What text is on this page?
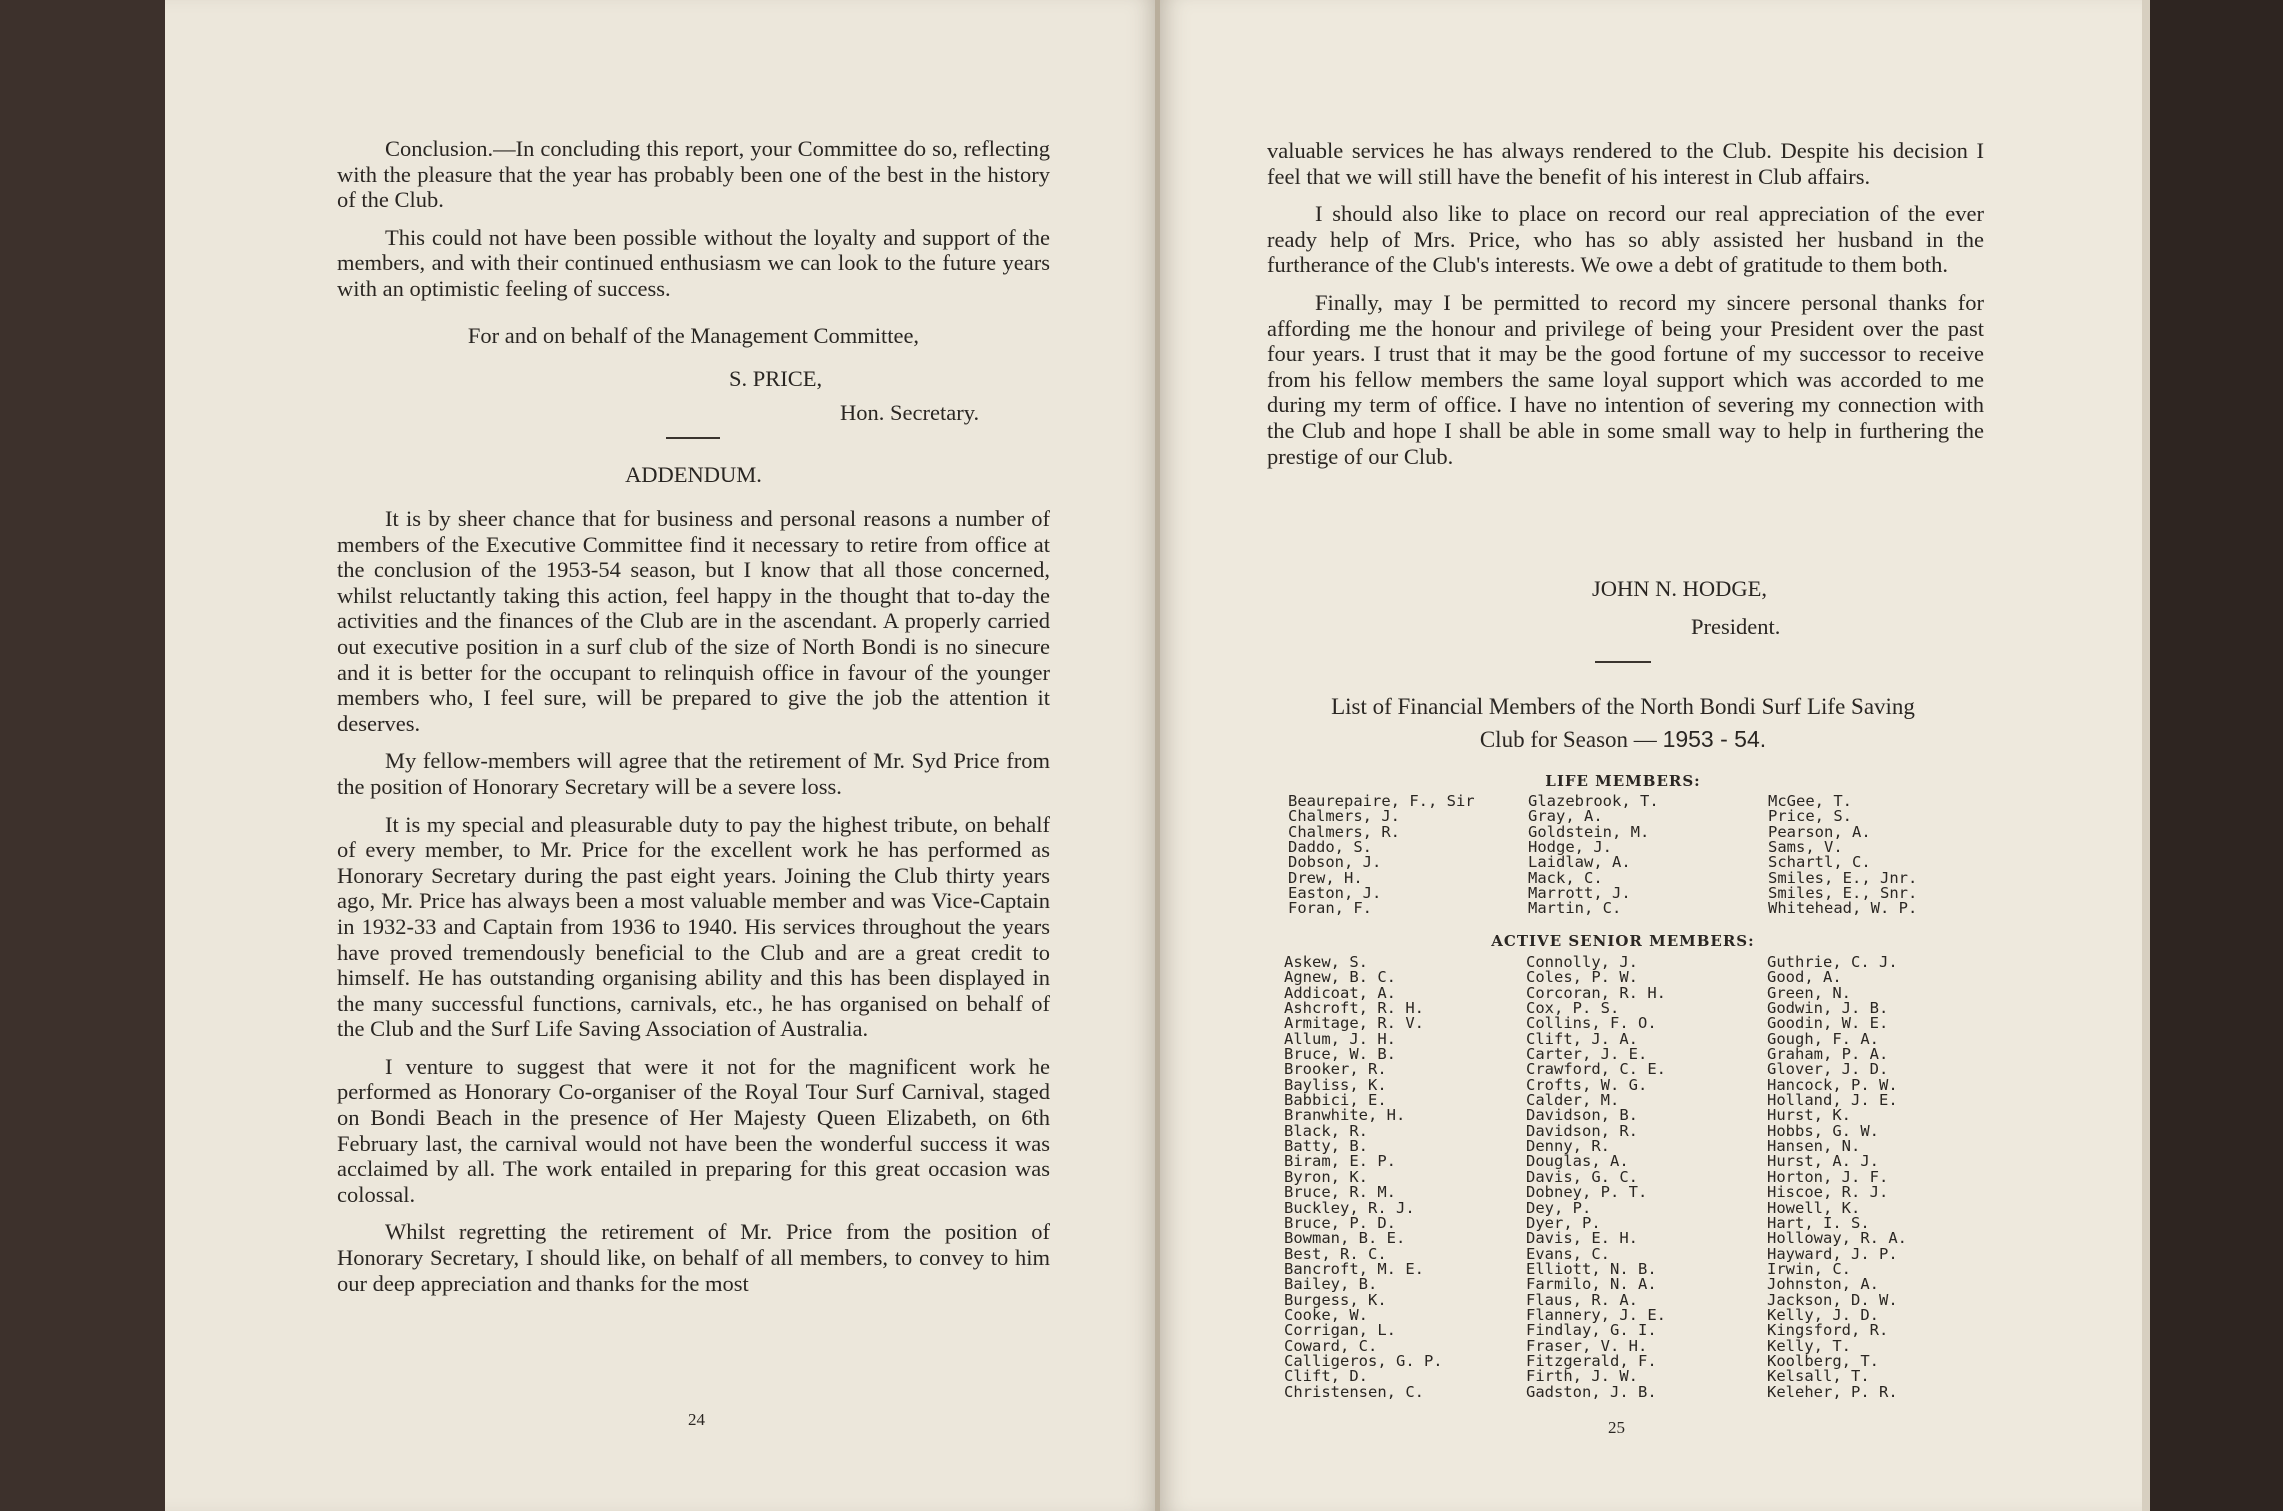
Conclusion.—In concluding this report, your Committee do so, reflecting with the pleasure that the year has probably been one of the best in the history of the Club.

This could not have been possible without the loyalty and support of the members, and with their continued enthusiasm we can look to the future years with an optimistic feeling of success.

For and on behalf of the Management Committee,
S. PRICE,
Hon. Secretary.
ADDENDUM.

It is by sheer chance that for business and personal reasons a number of members of the Executive Committee find it necessary to retire from office at the conclusion of the 1953-54 season, but I know that all those concerned, whilst reluctantly taking this action, feel happy in the thought that to-day the activities and the finances of the Club are in the ascendant. A properly carried out executive position in a surf club of the size of North Bondi is no sinecure and it is better for the occupant to relinquish office in favour of the younger members who, I feel sure, will be prepared to give the job the attention it deserves.

My fellow-members will agree that the retirement of Mr. Syd Price from the position of Honorary Secretary will be a severe loss.

It is my special and pleasurable duty to pay the highest tribute, on behalf of every member, to Mr. Price for the excellent work he has performed as Honorary Secretary during the past eight years. Joining the Club thirty years ago, Mr. Price has always been a most valuable member and was Vice-Captain in 1932-33 and Captain from 1936 to 1940. His services throughout the years have proved tremendously beneficial to the Club and are a great credit to himself. He has outstanding organising ability and this has been displayed in the many successful functions, carnivals, etc., he has organised on behalf of the Club and the Surf Life Saving Association of Australia.

I venture to suggest that were it not for the magnificent work he performed as Honorary Co-organiser of the Royal Tour Surf Carnival, staged on Bondi Beach in the presence of Her Majesty Queen Elizabeth, on 6th February last, the carnival would not have been the wonderful success it was acclaimed by all. The work entailed in preparing for this great occasion was colossal.

Whilst regretting the retirement of Mr. Price from the position of Honorary Secretary, I should like, on behalf of all members, to convey to him our deep appreciation and thanks for the most

24

valuable services he has always rendered to the Club. Despite his decision I feel that we will still have the benefit of his interest in Club affairs.

I should also like to place on record our real appreciation of the ever ready help of Mrs. Price, who has so ably assisted her husband in the furtherance of the Club's interests. We owe a debt of gratitude to them both.

Finally, may I be permitted to record my sincere personal thanks for affording me the honour and privilege of being your President over the past four years. I trust that it may be the good fortune of my successor to receive from his fellow members the same loyal support which was accorded to me during my term of office. I have no intention of severing my connection with the Club and hope I shall be able in some small way to help in furthering the prestige of our Club.

JOHN N. HODGE,
President.
List of Financial Members of the North Bondi Surf Life Saving
Club for Season — 1953 - 54.
LIFE MEMBERS:
Beaurepaire, F., Sir
Chalmers, J.
Chalmers, R.
Daddo, S.
Dobson, J.
Drew, H.
Easton, J.
Foran, F.
Glazebrook, T.
Gray, A.
Goldstein, M.
Hodge, J.
Laidlaw, A.
Mack, C.
Marrott, J.
Martin, C.
McGee, T.
Price, S.
Pearson, A.
Sams, V.
Schartl, C.
Smiles, E., Jnr.
Smiles, E., Snr.
Whitehead, W. P.
ACTIVE SENIOR MEMBERS:
Askew, S.
Agnew, B. C.
Addicoat, A.
Ashcroft, R. H.
Armitage, R. V.
Allum, J. H.
Bruce, W. B.
Brooker, R.
Bayliss, K.
Babbici, E.
Branwhite, H.
Black, R.
Batty, B.
Biram, E. P.
Byron, K.
Bruce, R. M.
Buckley, R. J.
Bruce, P. D.
Bowman, B. E.
Best, R. C.
Bancroft, M. E.
Bailey, B.
Burgess, K.
Cooke, W.
Corrigan, L.
Coward, C.
Calligeros, G. P.
Clift, D.
Christensen, C.
Connolly, J.
Coles, P. W.
Corcoran, R. H.
Cox, P. S.
Collins, F. O.
Clift, J. A.
Carter, J. E.
Crawford, C. E.
Crofts, W. G.
Calder, M.
Davidson, B.
Davidson, R.
Denny, R.
Douglas, A.
Davis, G. C.
Dobney, P. T.
Dey, P.
Dyer, P.
Davis, E. H.
Evans, C.
Elliott, N. B.
Farmilo, N. A.
Flaus, R. A.
Flannery, J. E.
Findlay, G. I.
Fraser, V. H.
Fitzgerald, F.
Firth, J. W.
Gadston, J. B.
Guthrie, C. J.
Good, A.
Green, N.
Godwin, J. B.
Goodin, W. E.
Gough, F. A.
Graham, P. A.
Glover, J. D.
Hancock, P. W.
Holland, J. E.
Hurst, K.
Hobbs, G. W.
Hansen, N.
Hurst, A. J.
Horton, J. F.
Hiscoe, R. J.
Howell, K.
Hart, I. S.
Holloway, R. A.
Hayward, J. P.
Irwin, C.
Johnston, A.
Jackson, D. W.
Kelly, J. D.
Kingsford, R.
Kelly, T.
Koolberg, T.
Kelsall, T.
Keleher, P. R.
25
